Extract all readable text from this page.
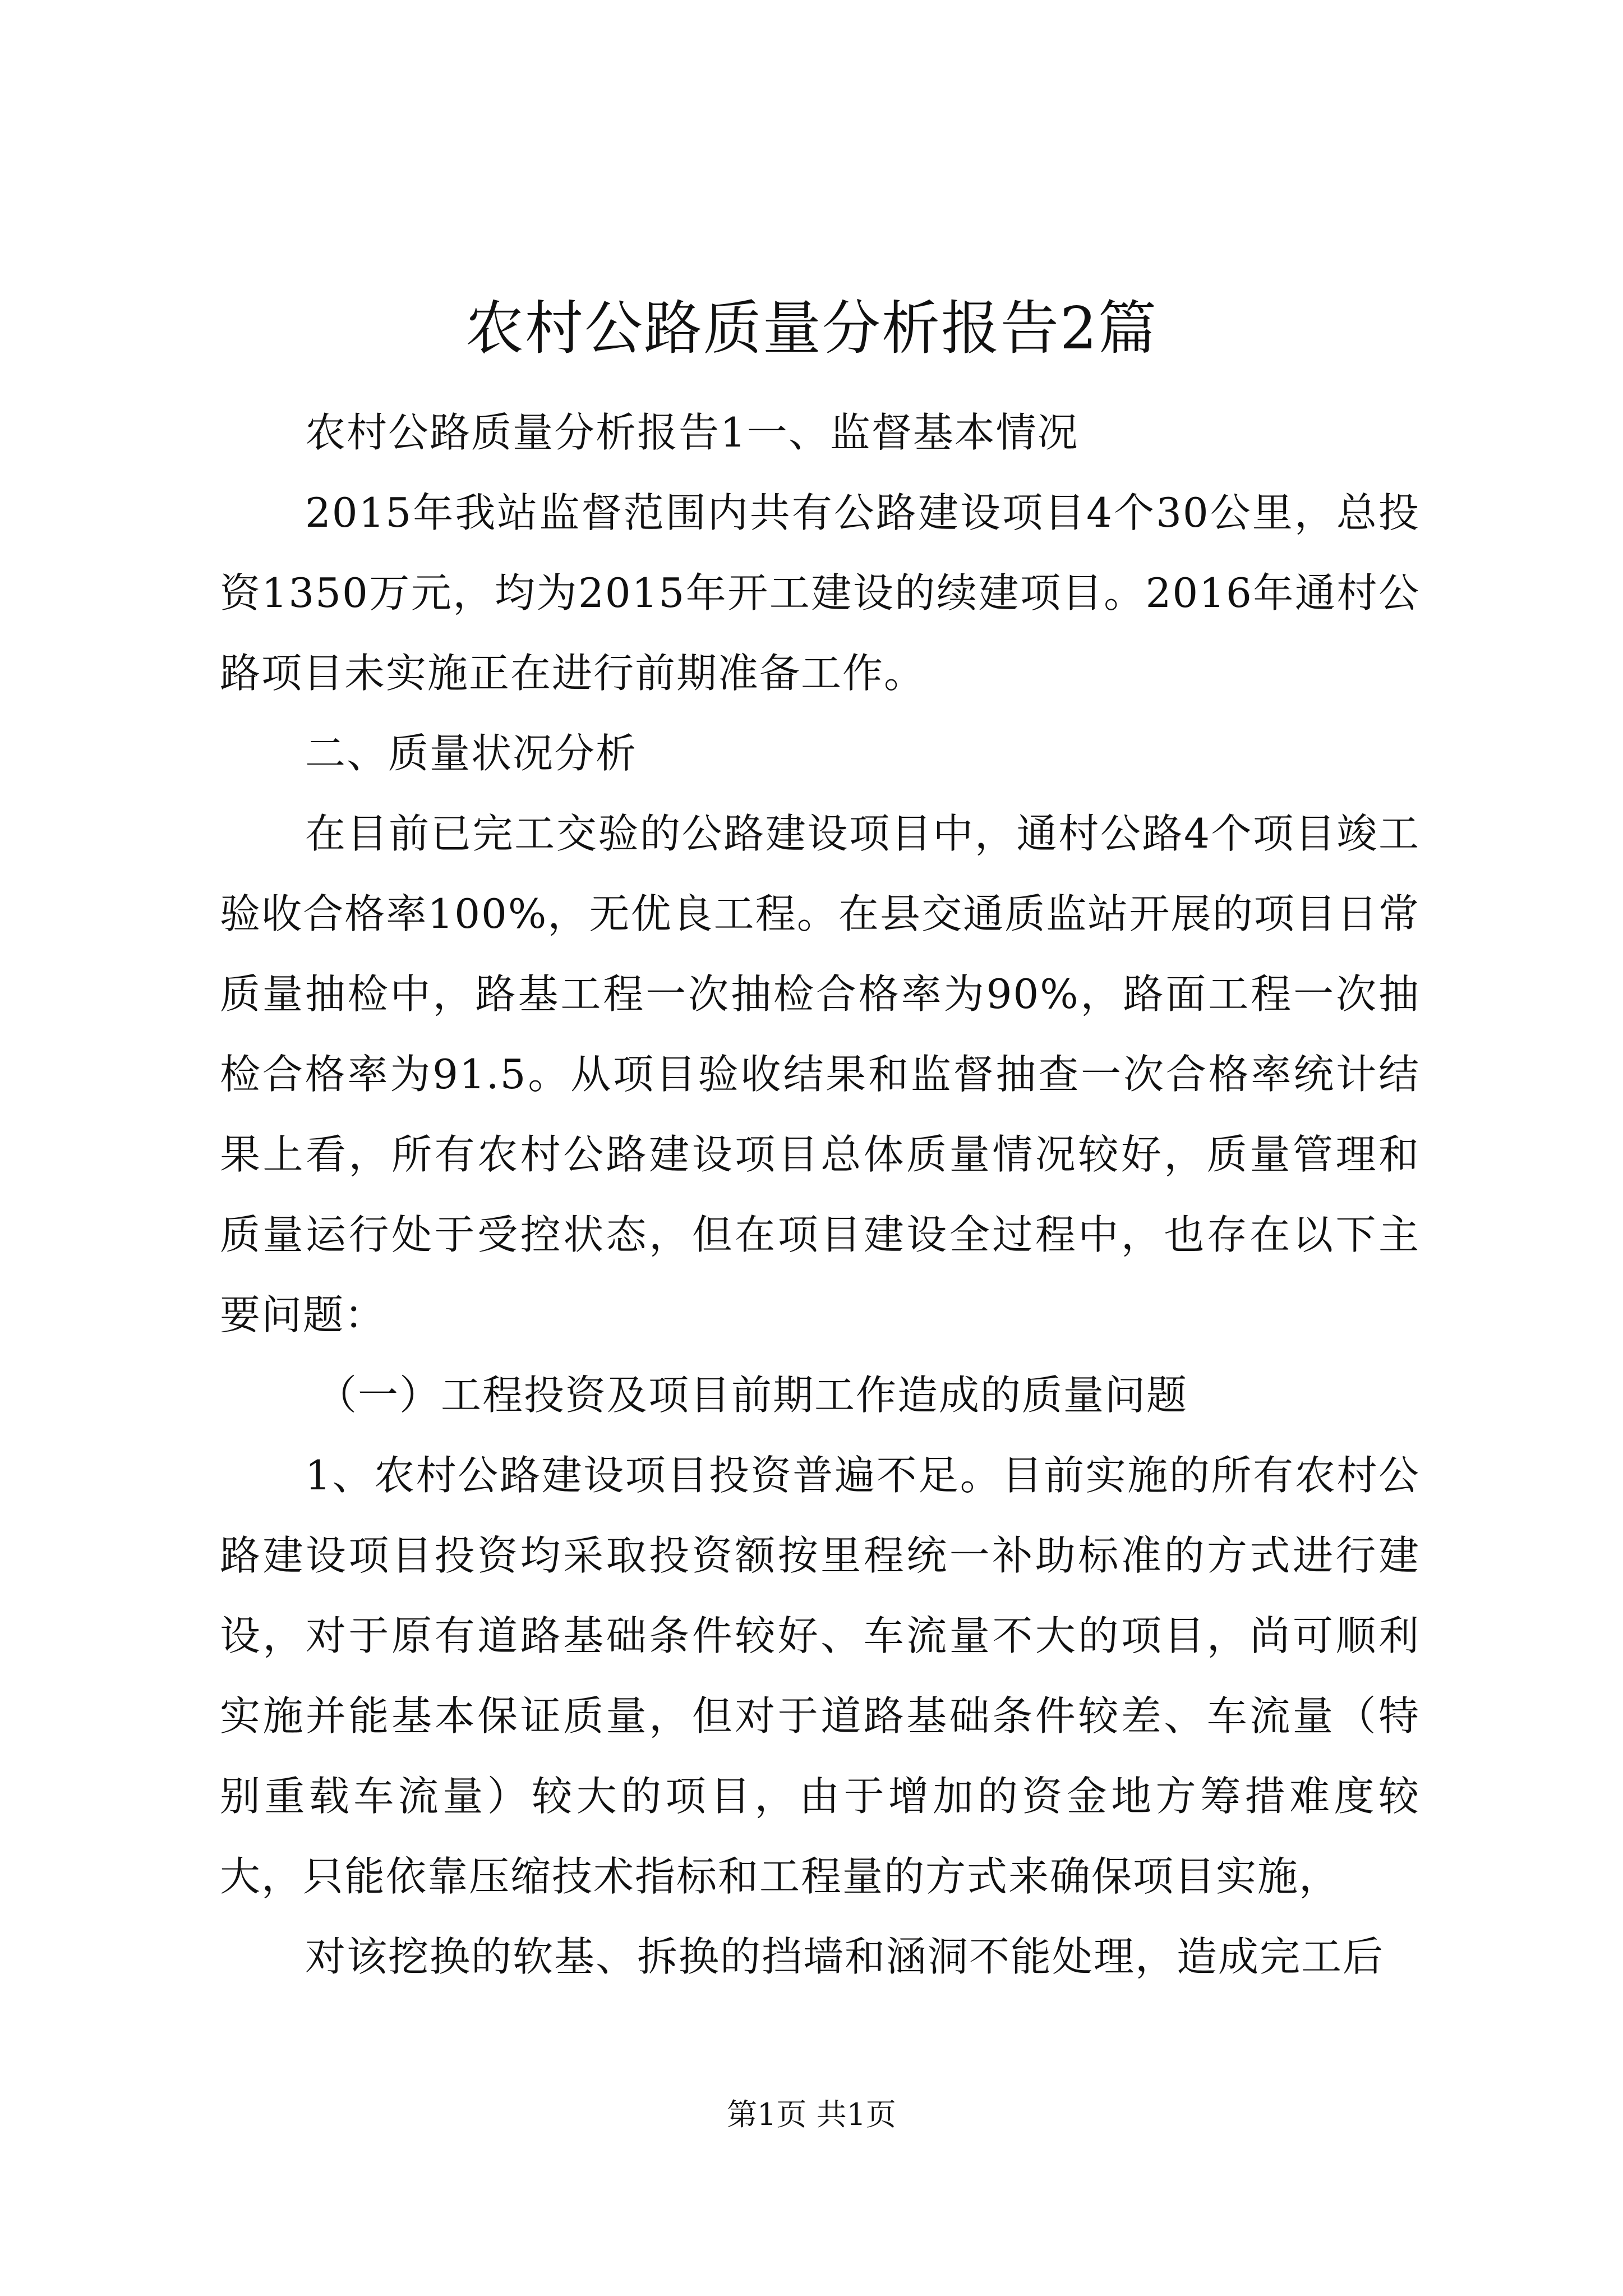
农村公路质量分析报告2篇

农村公路质量分析报告1一、监督基本情况

2015年我站监督范围内共有公路建设项目4个30公里，总投资1350万元，均为2015年开工建设的续建项目。2016年通村公路项目未实施正在进行前期准备工作。

二、质量状况分析

在目前已完工交验的公路建设项目中，通村公路4个项目竣工验收合格率100%，无优良工程。在县交通质监站开展的项目日常质量抽检中，路基工程一次抽检合格率为90%，路面工程一次抽检合格率为91.5。从项目验收结果和监督抽查一次合格率统计结果上看，所有农村公路建设项目总体质量情况较好，质量管理和质量运行处于受控状态，但在项目建设全过程中，也存在以下主要问题：

（一）工程投资及项目前期工作造成的质量问题

1、农村公路建设项目投资普遍不足。目前实施的所有农村公路建设项目投资均采取投资额按里程统一补助标准的方式进行建设，对于原有道路基础条件较好、车流量不大的项目，尚可顺利实施并能基本保证质量，但对于道路基础条件较差、车流量（特别重载车流量）较大的项目，由于增加的资金地方筹措难度较大，只能依靠压缩技术指标和工程量的方式来确保项目实施，

对该挖换的软基、拆换的挡墙和涵洞不能处理，造成完工后

第1页 共1页
